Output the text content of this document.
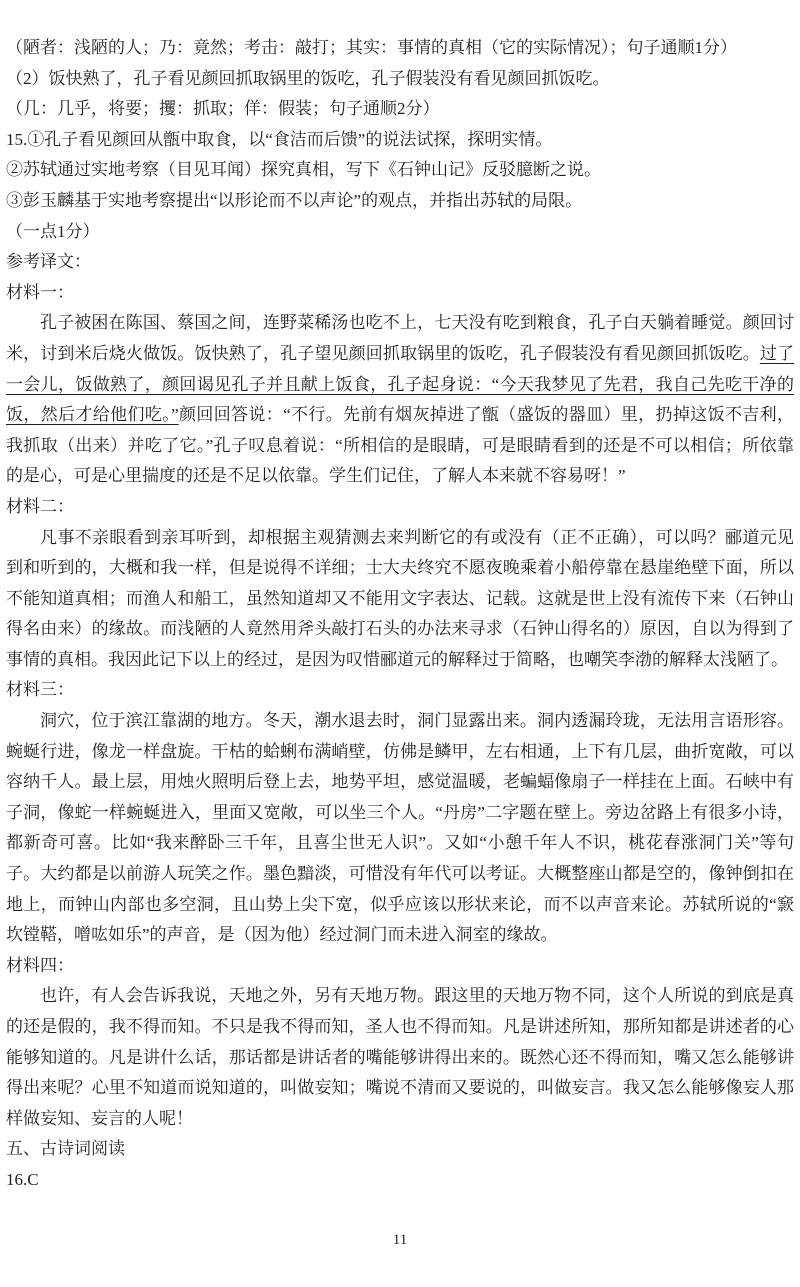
（陋者：浅陋的人；乃：竟然；考击：敲打；其实：事情的真相（它的实际情况）；句子通顺1分）

（2）饭快熟了，孔子看见颜回抓取锅里的饭吃，孔子假装没有看见颜回抓饭吃。

（几：几乎，将要；攫：抓取；佯：假装；句子通顺2分）

15.①孔子看见颜回从甑中取食，以“食洁而后馈”的说法试探，探明实情。

②苏轼通过实地考察（目见耳闻）探究真相，写下《石钟山记》反驳臆断之说。

③彭玉麟基于实地考察提出“以形论而不以声论”的观点，并指出苏轼的局限。

（一点1分）

参考译文：

材料一：

孔子被困在陈国、蔡国之间，连野菜稀汤也吃不上，七天没有吃到粮食，孔子白天躺着睡觉。颜回讨米，讨到米后烧火做饭。饭快熟了，孔子望见颜回抓取锅里的饭吃，孔子假装没有看见颜回抓饭吃。过了一会儿，饭做熟了，颜回谒见孔子并且献上饭食，孔子起身说：“今天我梦见了先君，我自己先吃干净的饭，然后才给他们吃。”颜回回答说：“不行。先前有烟灰掉进了甑（盛饭的器皿）里，扔掉这饭不吉利，我抓取（出来）并吃了它。”孔子叹息着说：“所相信的是眼睛，可是眼睛看到的还是不可以相信；所依靠的是心，可是心里揣度的还是不足以依靠。学生们记住，了解人本来就不容易呀！”

材料二：

凡事不亲眼看到亲耳听到，却根据主观猜测去来判断它的有或没有（正不正确），可以吗？郦道元见到和听到的，大概和我一样，但是说得不详细；士大夫终究不愿夜晚乘着小船停靠在悬崖绝壁下面，所以不能知道真相；而渔人和船工，虽然知道却又不能用文字表达、记载。这就是世上没有流传下来（石钟山得名由来）的缘故。而浅陋的人竟然用斧头敲打石头的办法来寻求（石钟山得名的）原因，自以为得到了事情的真相。我因此记下以上的经过，是因为叹惜郦道元的解释过于简略，也嘲笑李渤的解释太浅陋了。

材料三：

洞穴，位于滨江靠湖的地方。冬天，潮水退去时，洞门显露出来。洞内透漏玲珑，无法用言语形容。蜿蜒行进，像龙一样盘旋。干枯的蛤蜊布满峭壁，仿佛是鳞甲，左右相通，上下有几层，曲折宽敞，可以容纳千人。最上层，用烛火照明后登上去，地势平坦，感觉温暖，老蝙蝠像扇子一样挂在上面。石峡中有子洞，像蛇一样蜿蜒进入，里面又宽敞，可以坐三个人。“丹房”二字题在壁上。旁边岔路上有很多小诗，都新奇可喜。比如“我来醉卧三千年，且喜尘世无人识”。又如“小憩千年人不识，桃花春涨洞门关”等句子。大约都是以前游人玩笑之作。墨色黯淡，可惜没有年代可以考证。大概整座山都是空的，像钟倒扣在地上，而钟山内部也多空洞，且山势上尖下宽，似乎应该以形状来论，而不以声音来论。苏轼所说的“窾坎镗鞳，噌吰如乐”的声音，是（因为他）经过洞门而未进入洞室的缘故。

材料四：

也许，有人会告诉我说，天地之外，另有天地万物。跟这里的天地万物不同，这个人所说的到底是真的还是假的，我不得而知。不只是我不得而知，圣人也不得而知。凡是讲述所知，那所知都是讲述者的心能够知道的。凡是讲什么话，那话都是讲话者的嘴能够讲得出来的。既然心还不得而知，嘴又怎么能够讲得出来呢？心里不知道而说知道的，叫做妄知；嘴说不清而又要说的，叫做妄言。我又怎么能够像妄人那样做妄知、妄言的人呢！

五、古诗词阅读

16.C

11
